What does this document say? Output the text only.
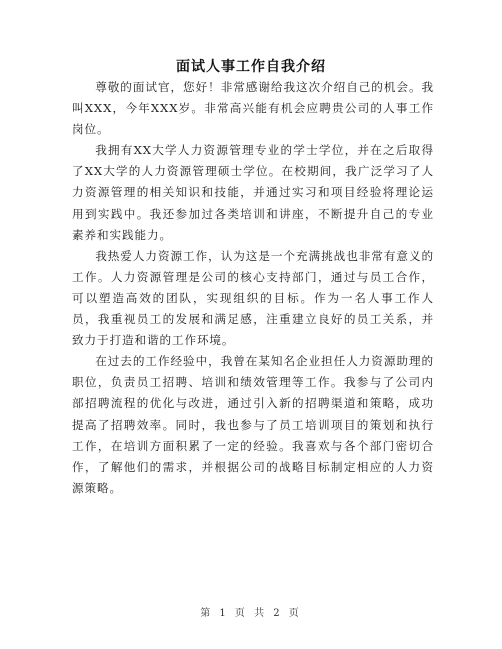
面试人事工作自我介绍

尊敬的面试官，您好！非常感谢给我这次介绍自己的机会。我叫XXX，今年XXX岁。非常高兴能有机会应聘贵公司的人事工作岗位。

我拥有XX大学人力资源管理专业的学士学位，并在之后取得了XX大学的人力资源管理硕士学位。在校期间，我广泛学习了人力资源管理的相关知识和技能，并通过实习和项目经验将理论运用到实践中。我还参加过各类培训和讲座，不断提升自己的专业素养和实践能力。

我热爱人力资源工作，认为这是一个充满挑战也非常有意义的工作。人力资源管理是公司的核心支持部门，通过与员工合作，可以塑造高效的团队，实现组织的目标。作为一名人事工作人员，我重视员工的发展和满足感，注重建立良好的员工关系，并致力于打造和谐的工作环境。

在过去的工作经验中，我曾在某知名企业担任人力资源助理的职位，负责员工招聘、培训和绩效管理等工作。我参与了公司内部招聘流程的优化与改进，通过引入新的招聘渠道和策略，成功提高了招聘效率。同时，我也参与了员工培训项目的策划和执行工作，在培训方面积累了一定的经验。我喜欢与各个部门密切合作，了解他们的需求，并根据公司的战略目标制定相应的人力资源策略。

第 1 页 共 2 页
